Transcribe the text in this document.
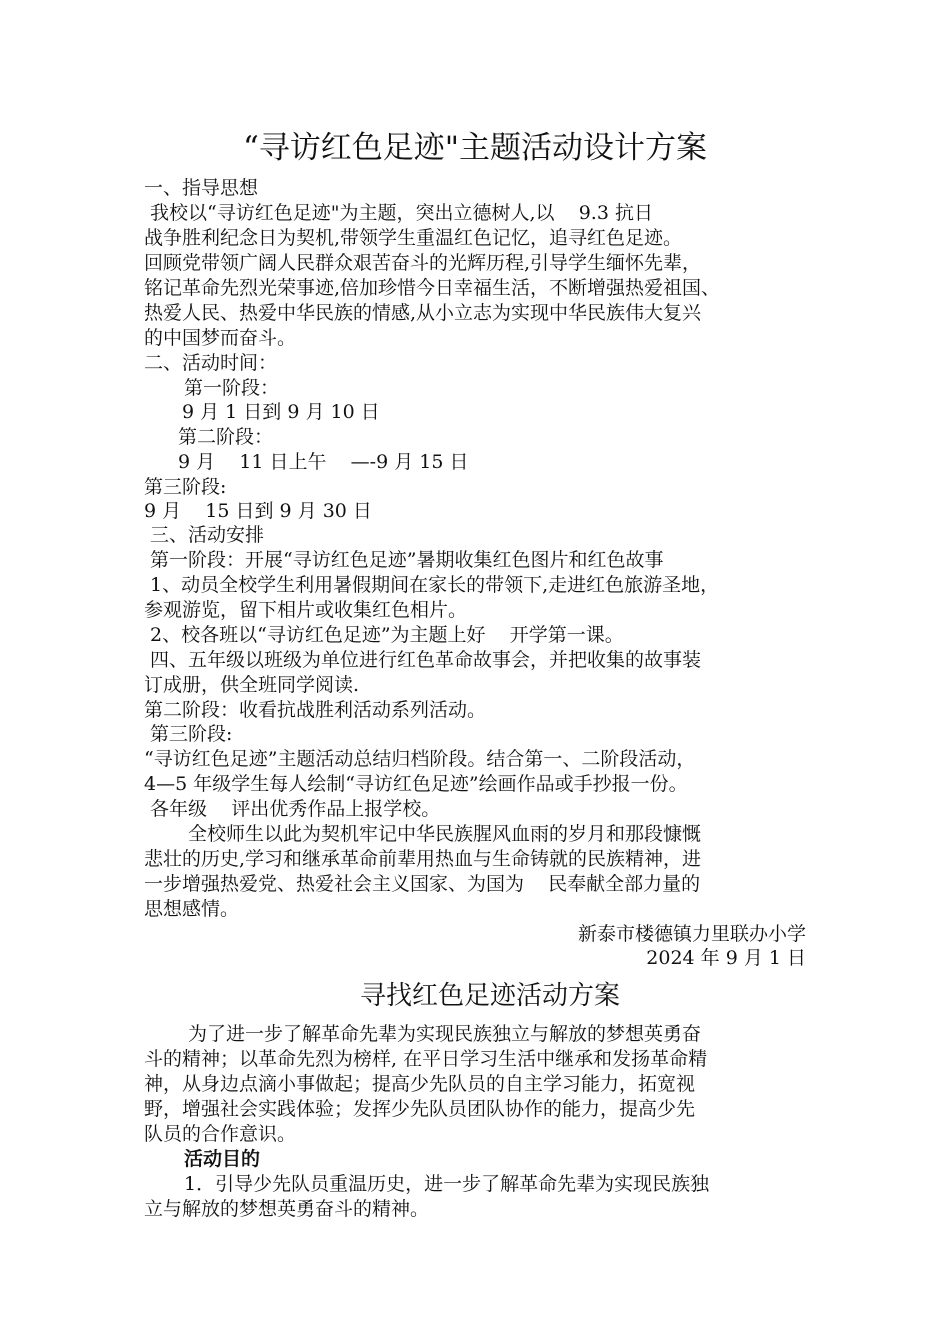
“寻访红色足迹"主题活动设计方案
一、指导思想
我校以“寻访红色足迹"为主题，突出立德树人,以    9.3 抗日
战争胜利纪念日为契机,带领学生重温红色记忆，追寻红色足迹。
回顾党带领广阔人民群众艰苦奋斗的光辉历程,引导学生缅怀先辈，
铭记革命先烈光荣事迹,倍加珍惜今日幸福生活，不断增强热爱祖国、
热爱人民、热爱中华民族的情感,从小立志为实现中华民族伟大复兴
的中国梦而奋斗。
二、活动时间：
第一阶段：
9 月 1 日到 9 月 10 日
第二阶段：
9 月    11 日上午    —-9 月 15 日
第三阶段:
9 月    15 日到 9 月 30 日
三、活动安排
第一阶段：开展“寻访红色足迹”暑期收集红色图片和红色故事
1、动员全校学生利用暑假期间在家长的带领下,走进红色旅游圣地，
参观游览，留下相片或收集红色相片。
2、校各班以“寻访红色足迹”为主题上好    开学第一课。
四、五年级以班级为单位进行红色革命故事会，并把收集的故事装
订成册，供全班同学阅读.
第二阶段：收看抗战胜利活动系列活动。
第三阶段:
“寻访红色足迹”主题活动总结归档阶段。结合第一、二阶段活动，
4—5 年级学生每人绘制“寻访红色足迹”绘画作品或手抄报一份。
各年级    评出优秀作品上报学校。
全校师生以此为契机牢记中华民族腥风血雨的岁月和那段慷慨
悲壮的历史,学习和继承革命前辈用热血与生命铸就的民族精神，进
一步增强热爱党、热爱社会主义国家、为国为    民奉献全部力量的
思想感情。
新泰市楼德镇力里联办小学
2024 年 9 月 1 日
寻找红色足迹活动方案
为了进一步了解革命先辈为实现民族独立与解放的梦想英勇奋
斗的精神；以革命先烈为榜样, 在平日学习生活中继承和发扬革命精
神，从身边点滴小事做起；提高少先队员的自主学习能力，拓宽视
野，增强社会实践体验；发挥少先队员团队协作的能力，提高少先
队员的合作意识。
活动目的
1．引导少先队员重温历史，进一步了解革命先辈为实现民族独
立与解放的梦想英勇奋斗的精神。
